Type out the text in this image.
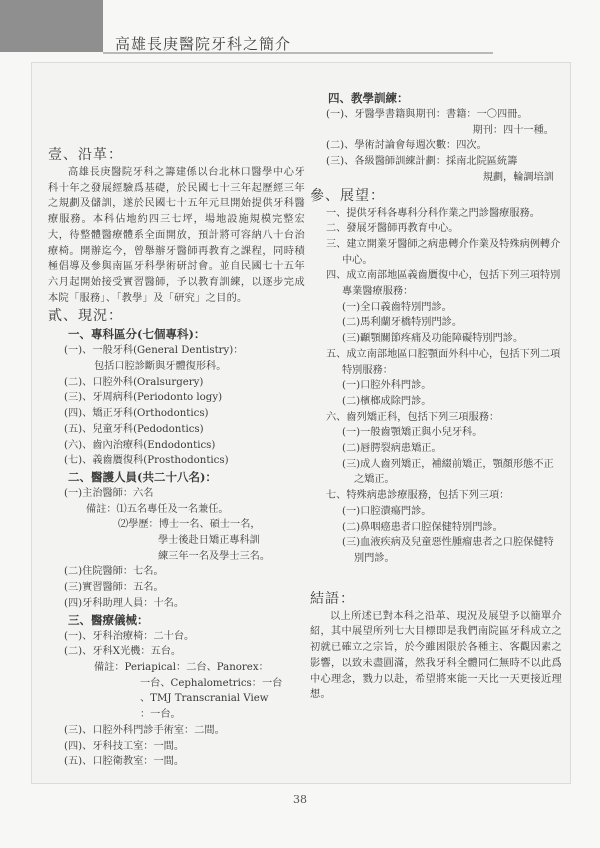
高雄長庚醫院牙科之簡介
壹、沿革：
高雄長庚醫院牙科之籌建係以台北林口醫學中心牙科十年之發展經驗爲基礎，於民國七十三年起歷經三年之規劃及儲訓，遂於民國七十五年元旦開始提供牙科醫療服務。本科佔地約四三七坪，場地設施規模完整宏大，待整體醫療體系全面開放，預計將可容納八十台治療椅。開辦迄今，曾舉辦牙醫師再教育之課程，同時積極倡導及參與南區牙科學術研討會。並自民國七十五年六月起開始接受實習醫師，予以教育訓練，以逐步完成本院「服務」、「教學」及「研究」之目的。
貳、現況：
一、專科區分(七個專科)：
(一)、一般牙科(General Dentistry)：
包括口腔診斷與牙體復形科。
(二)、口腔外科(Oralsurgery)
(三)、牙周病科(Periodonto logy)
(四)、矯正牙科(Orthodontics)
(五)、兒童牙科(Pedodontics)
(六)、齒內治療科(Endodontics)
(七)、義齒贋復科(Prosthodontics)
二、醫護人員(共二十八名)：
(一)主治醫師：六名
備註：⑴五名專任及一名兼任。
⑵學歷：博士一名、碩士一名，
學士後赴日矯正專科訓
練三年一名及學士三名。
(二)住院醫師：七名。
(三)實習醫師：五名。
(四)牙科助理人員：十名。
三、醫療儀械：
(一)、牙科治療椅：二十台。
(二)、牙科X光機：五台。
備註：Periapical：二台、Panorex：
一台、Cephalometrics：一台
、TMJ Transcranial View
：一台。
(三)、口腔外科門診手術室：二間。
(四)、牙科技工室：一間。
(五)、口腔衛教室：一間。
四、教學訓練：
(一)、牙醫學書籍與期刊：書籍：一〇四冊。
期刊：四十一種。
(二)、學術討論會每週次數：四次。
(三)、各級醫師訓練計劃：採南北院區統籌
規劃，輪調培訓
參、展望：
一、提供牙科各專科分科作業之門診醫療服務。
二、發展牙醫師再教育中心。
三、建立開業牙醫師之病患轉介作業及特殊病例轉介中心。
四、成立南部地區義齒贋復中心，包括下列三項特別專業醫療服務：
(一)全口義齒特別門診。
(二)馬利蘭牙橋特別門診。
(三)顳顎關節疼痛及功能障礙特別門診。
五、成立南部地區口腔顎面外科中心，包括下列二項特別服務：
(一)口腔外科門診。
(二)檳榔成除門診。
六、齒列矯正科，包括下列三項服務：
(一)一般齒顎矯正與小兒牙科。
(二)唇腭裂病患矯正。
(三)成人齒列矯正，補綴前矯正，顎顏形態不正之矯正。
七、特殊病患診療服務，包括下列三項：
(一)口腔潰瘍門診。
(二)鼻咽癌患者口腔保健特別門診。
(三)血液疾病及兒童惡性腫瘤患者之口腔保健特別門診。
結語：
以上所述已對本科之沿革、現況及展望予以簡單介紹，其中展望所列七大目標即是我們南院區牙科成立之初就已確立之宗旨，於今雖困限於各種主、客觀因素之影響，以致未盡圓滿，然我牙科全體同仁無時不以此爲中心理念，戮力以赴，希望將來能一天比一天更接近理想。
38
